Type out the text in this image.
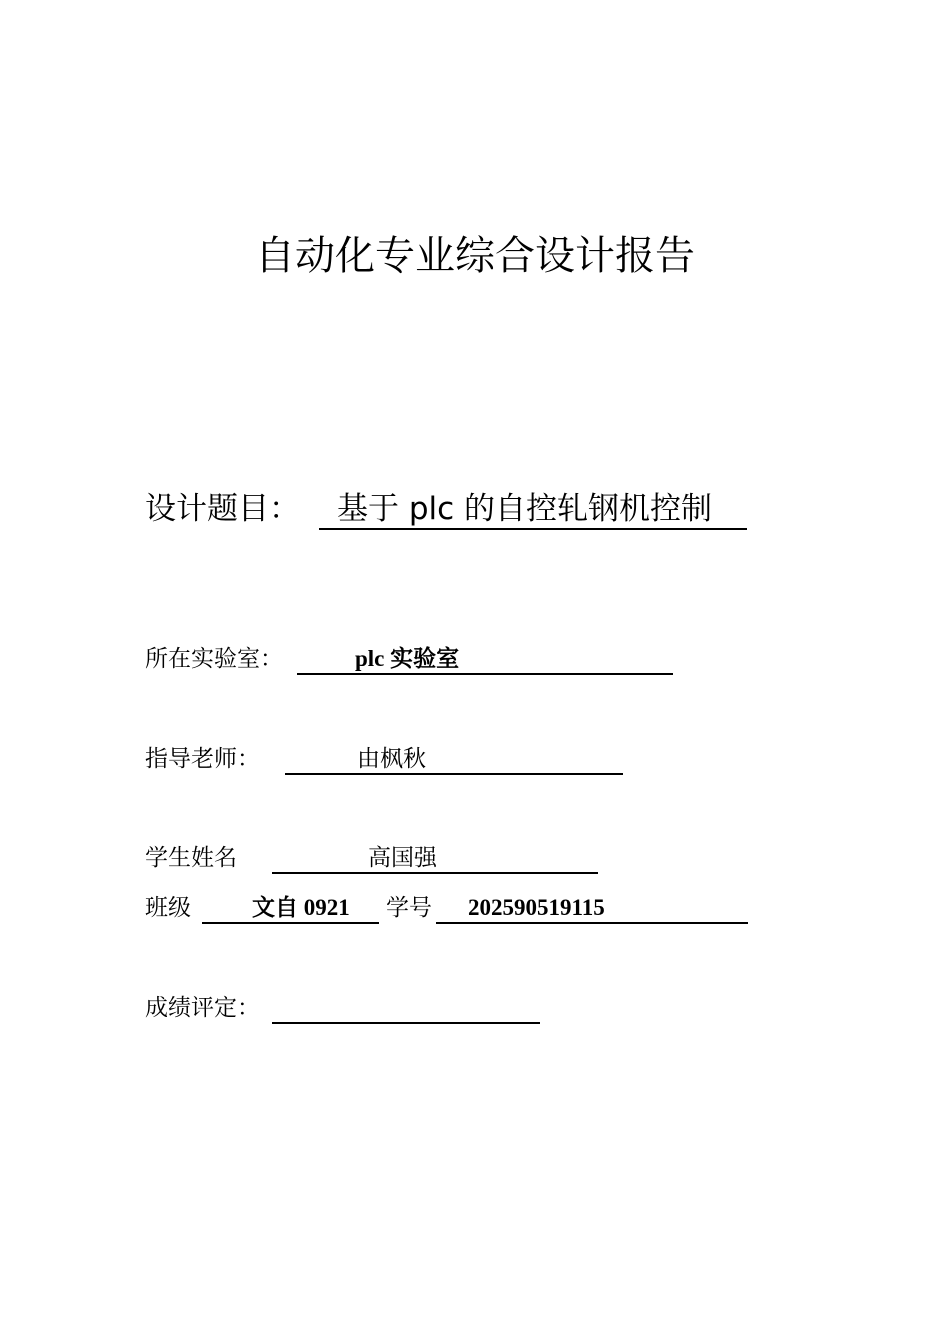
自动化专业综合设计报告
设计题目：	基于 plc 的自控轧钢机控制
所在实验室：	plc 实验室
指导老师：	由枫秋
学生姓名	高国强
班级	文自 0921	学号	202590519115
成绩评定：
